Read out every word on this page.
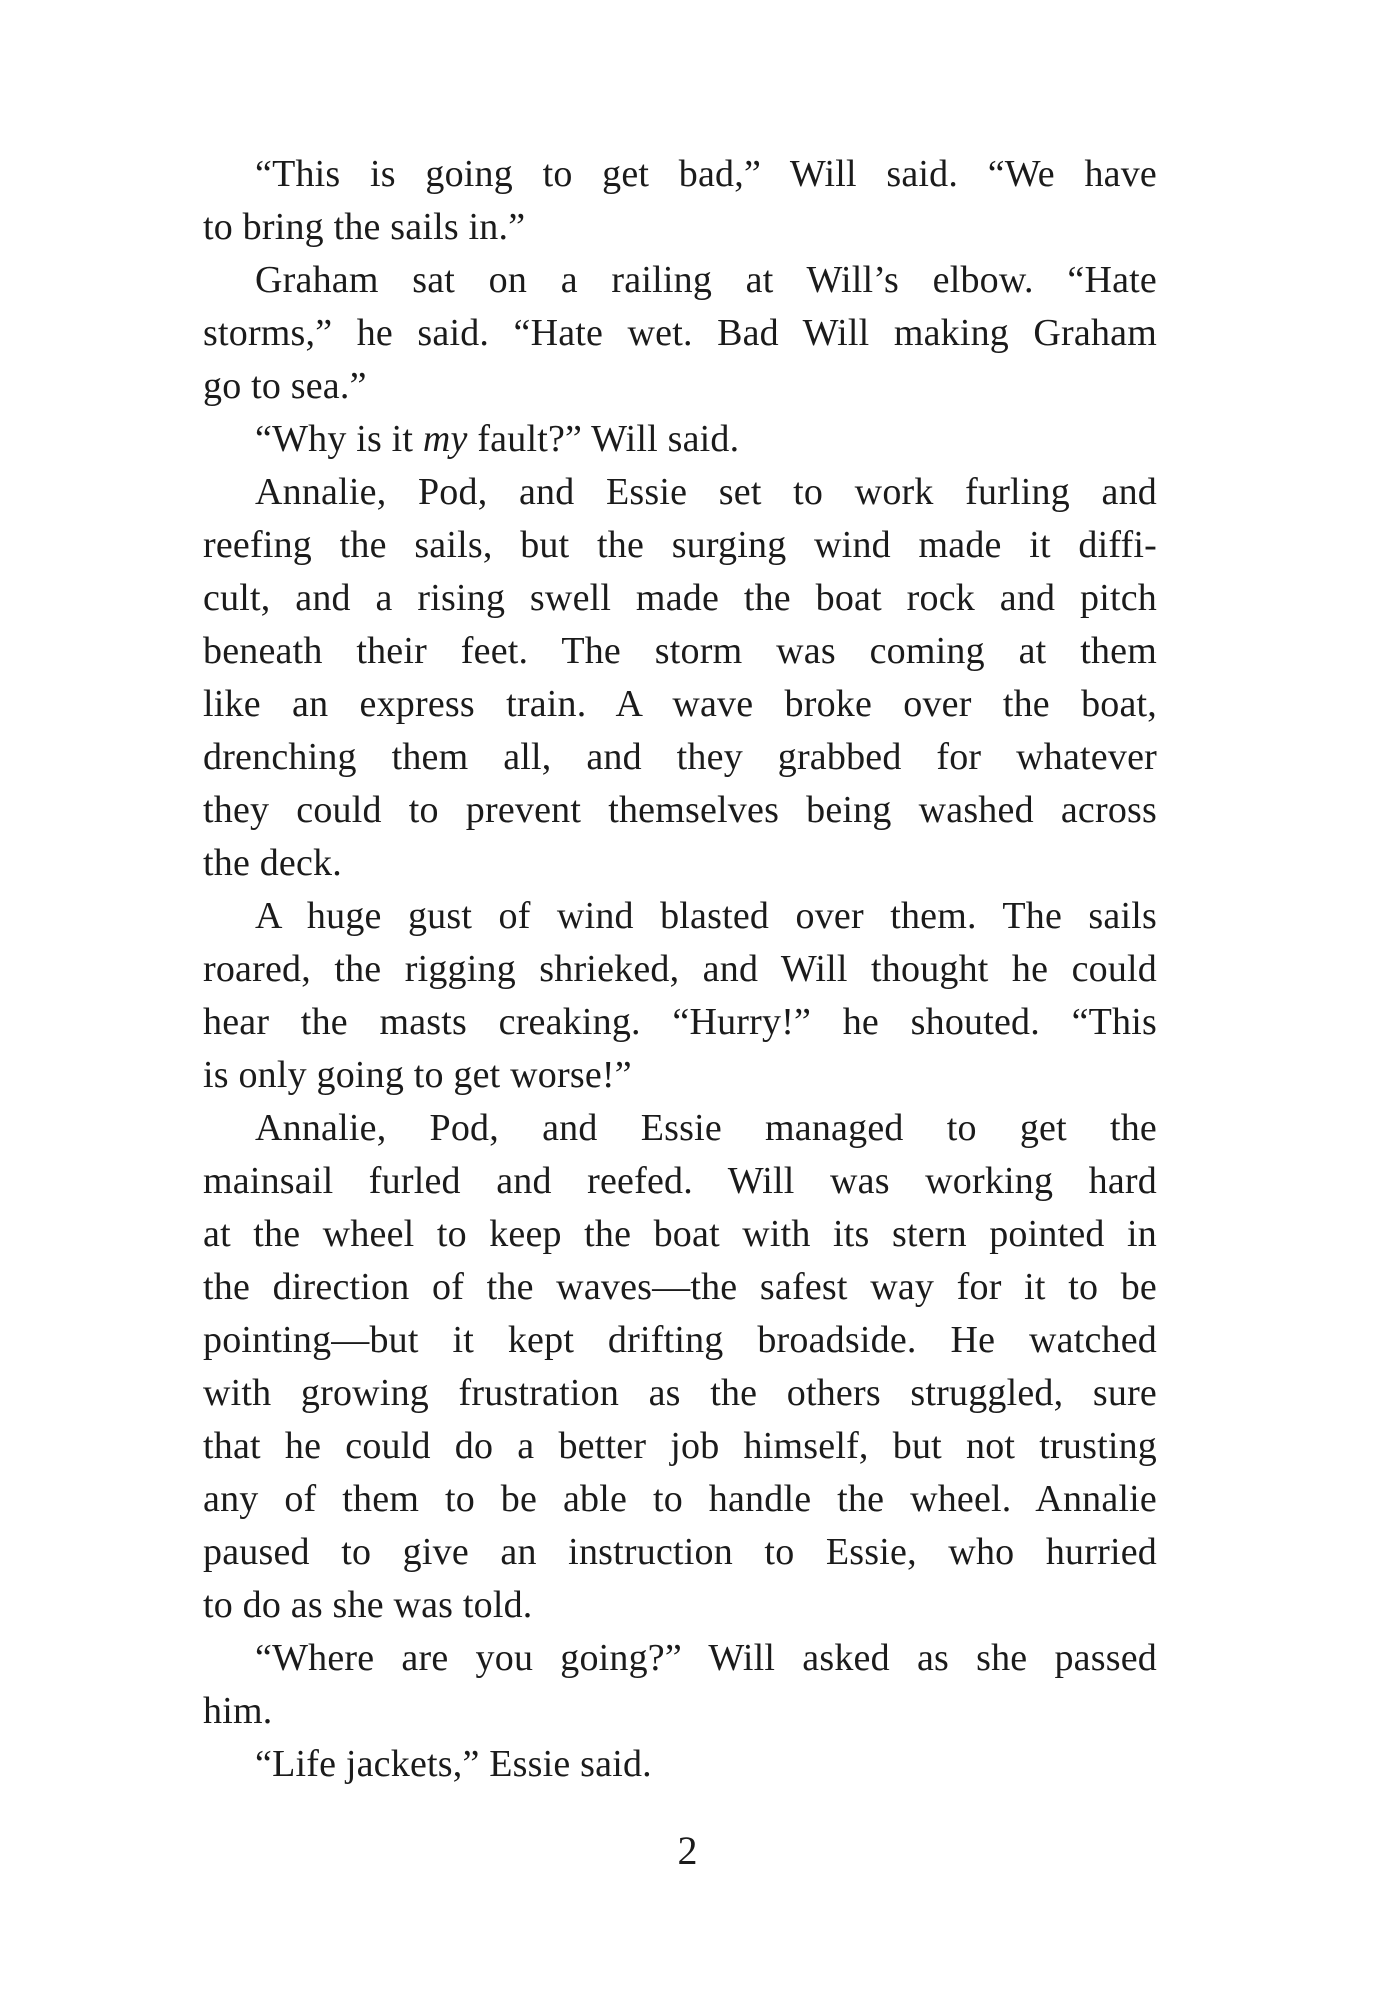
“This is going to get bad,” Will said. “We have
to bring the sails in.”
Graham sat on a railing at Will’s elbow. “Hate
storms,” he said. “Hate wet. Bad Will making Graham
go to sea.”
“Why is it my fault?” Will said.
Annalie, Pod, and Essie set to work furling and
reefing the sails, but the surging wind made it diffi-
cult, and a rising swell made the boat rock and pitch
beneath their feet. The storm was coming at them
like an express train. A wave broke over the boat,
drenching them all, and they grabbed for whatever
they could to prevent themselves being washed across
the deck.
A huge gust of wind blasted over them. The sails
roared, the rigging shrieked, and Will thought he could
hear the masts creaking. “Hurry!” he shouted. “This
is only going to get worse!”
Annalie, Pod, and Essie managed to get the
mainsail furled and reefed. Will was working hard
at the wheel to keep the boat with its stern pointed in
the direction of the waves—the safest way for it to be
pointing—but it kept drifting broadside. He watched
with growing frustration as the others struggled, sure
that he could do a better job himself, but not trusting
any of them to be able to handle the wheel. Annalie
paused to give an instruction to Essie, who hurried
to do as she was told.
“Where are you going?” Will asked as she passed
him.
“Life jackets,” Essie said.
2
